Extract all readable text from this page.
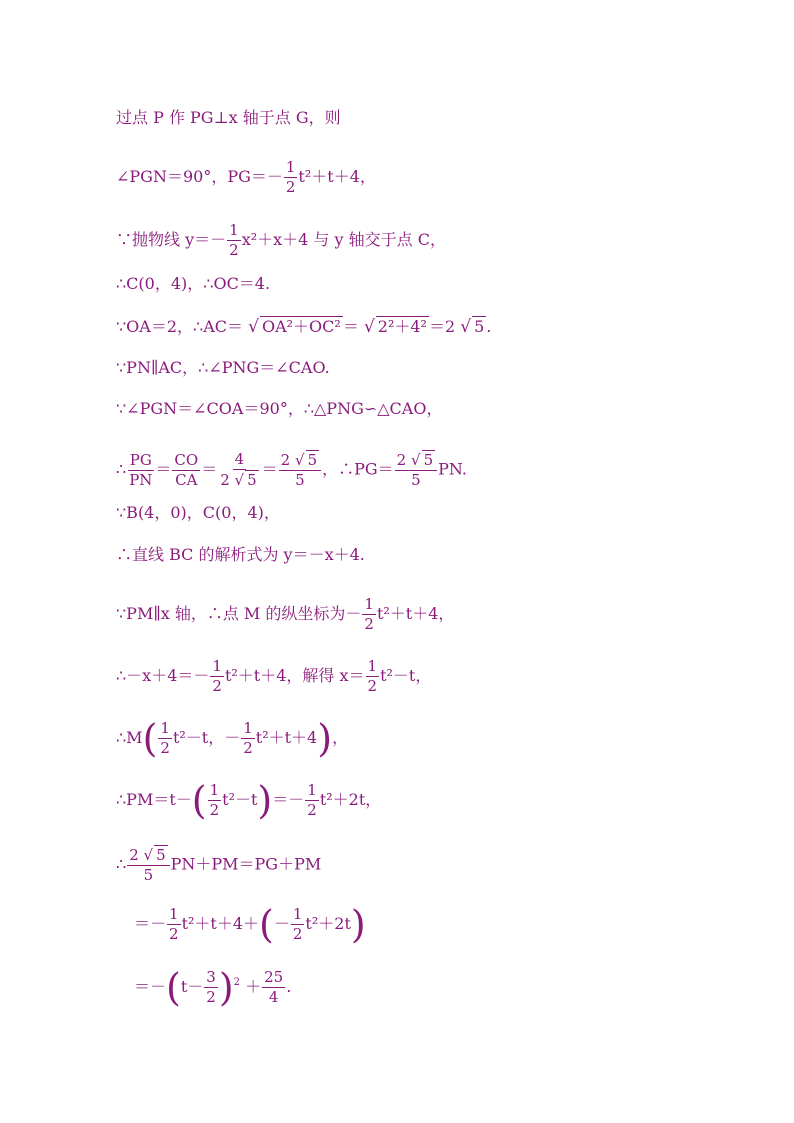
过点 P 作 PG⊥x 轴于点 G，则
∠PGN＝90°，$PG=- \frac{1}{2} t^2+t+4$，
∵抛物线 $y=- \frac{1}{2} x^2+x+4$ 与 y 轴交于点 C，
∴C(0，4)，∴OC＝4.
∵OA＝2，∴AC＝ √ OA²＋OC² ＝ √ 2²＋4² ＝2 √ 5 .
∵PN∥AC，∴∠PNG＝∠CAO.
∵∠PGN＝∠COA＝90°，∴△PNG∽△CAO，
∴ $\frac{PG}{PN} = \frac{CO}{CA} = \frac{4}{2 √ 5} = \frac{2 √ 5}{5}$ ，∴PG＝ $\frac{2 √ 5}{5}$ PN.
∵B(4，0)，C(0，4)，
∴直线 BC 的解析式为 y＝－x＋4.
∵PM∥x 轴，∴点 M 的纵坐标为－ $\frac{1}{2} t^2+t+4$，
∴－x＋4＝－ $\frac{1}{2} t^2+t+4$，解得 $x= \frac{1}{2} t^2-t$，
∴M( $\frac{1}{2} t^2-t$，－ $\frac{1}{2} t^2+t+4$)，
∴PM＝t－( $\frac{1}{2} t^2-t)=- \frac{1}{2} t^2+2t$，
∴ $\frac{2 √ 5}{5} PN+PM=PG+PM$
＝－ $\frac{1}{2} t^2+t+4+(- \frac{1}{2} t^2+2t)$
$=-(t- \frac{3}{2} )^2 + \frac{25}{4}$ .
